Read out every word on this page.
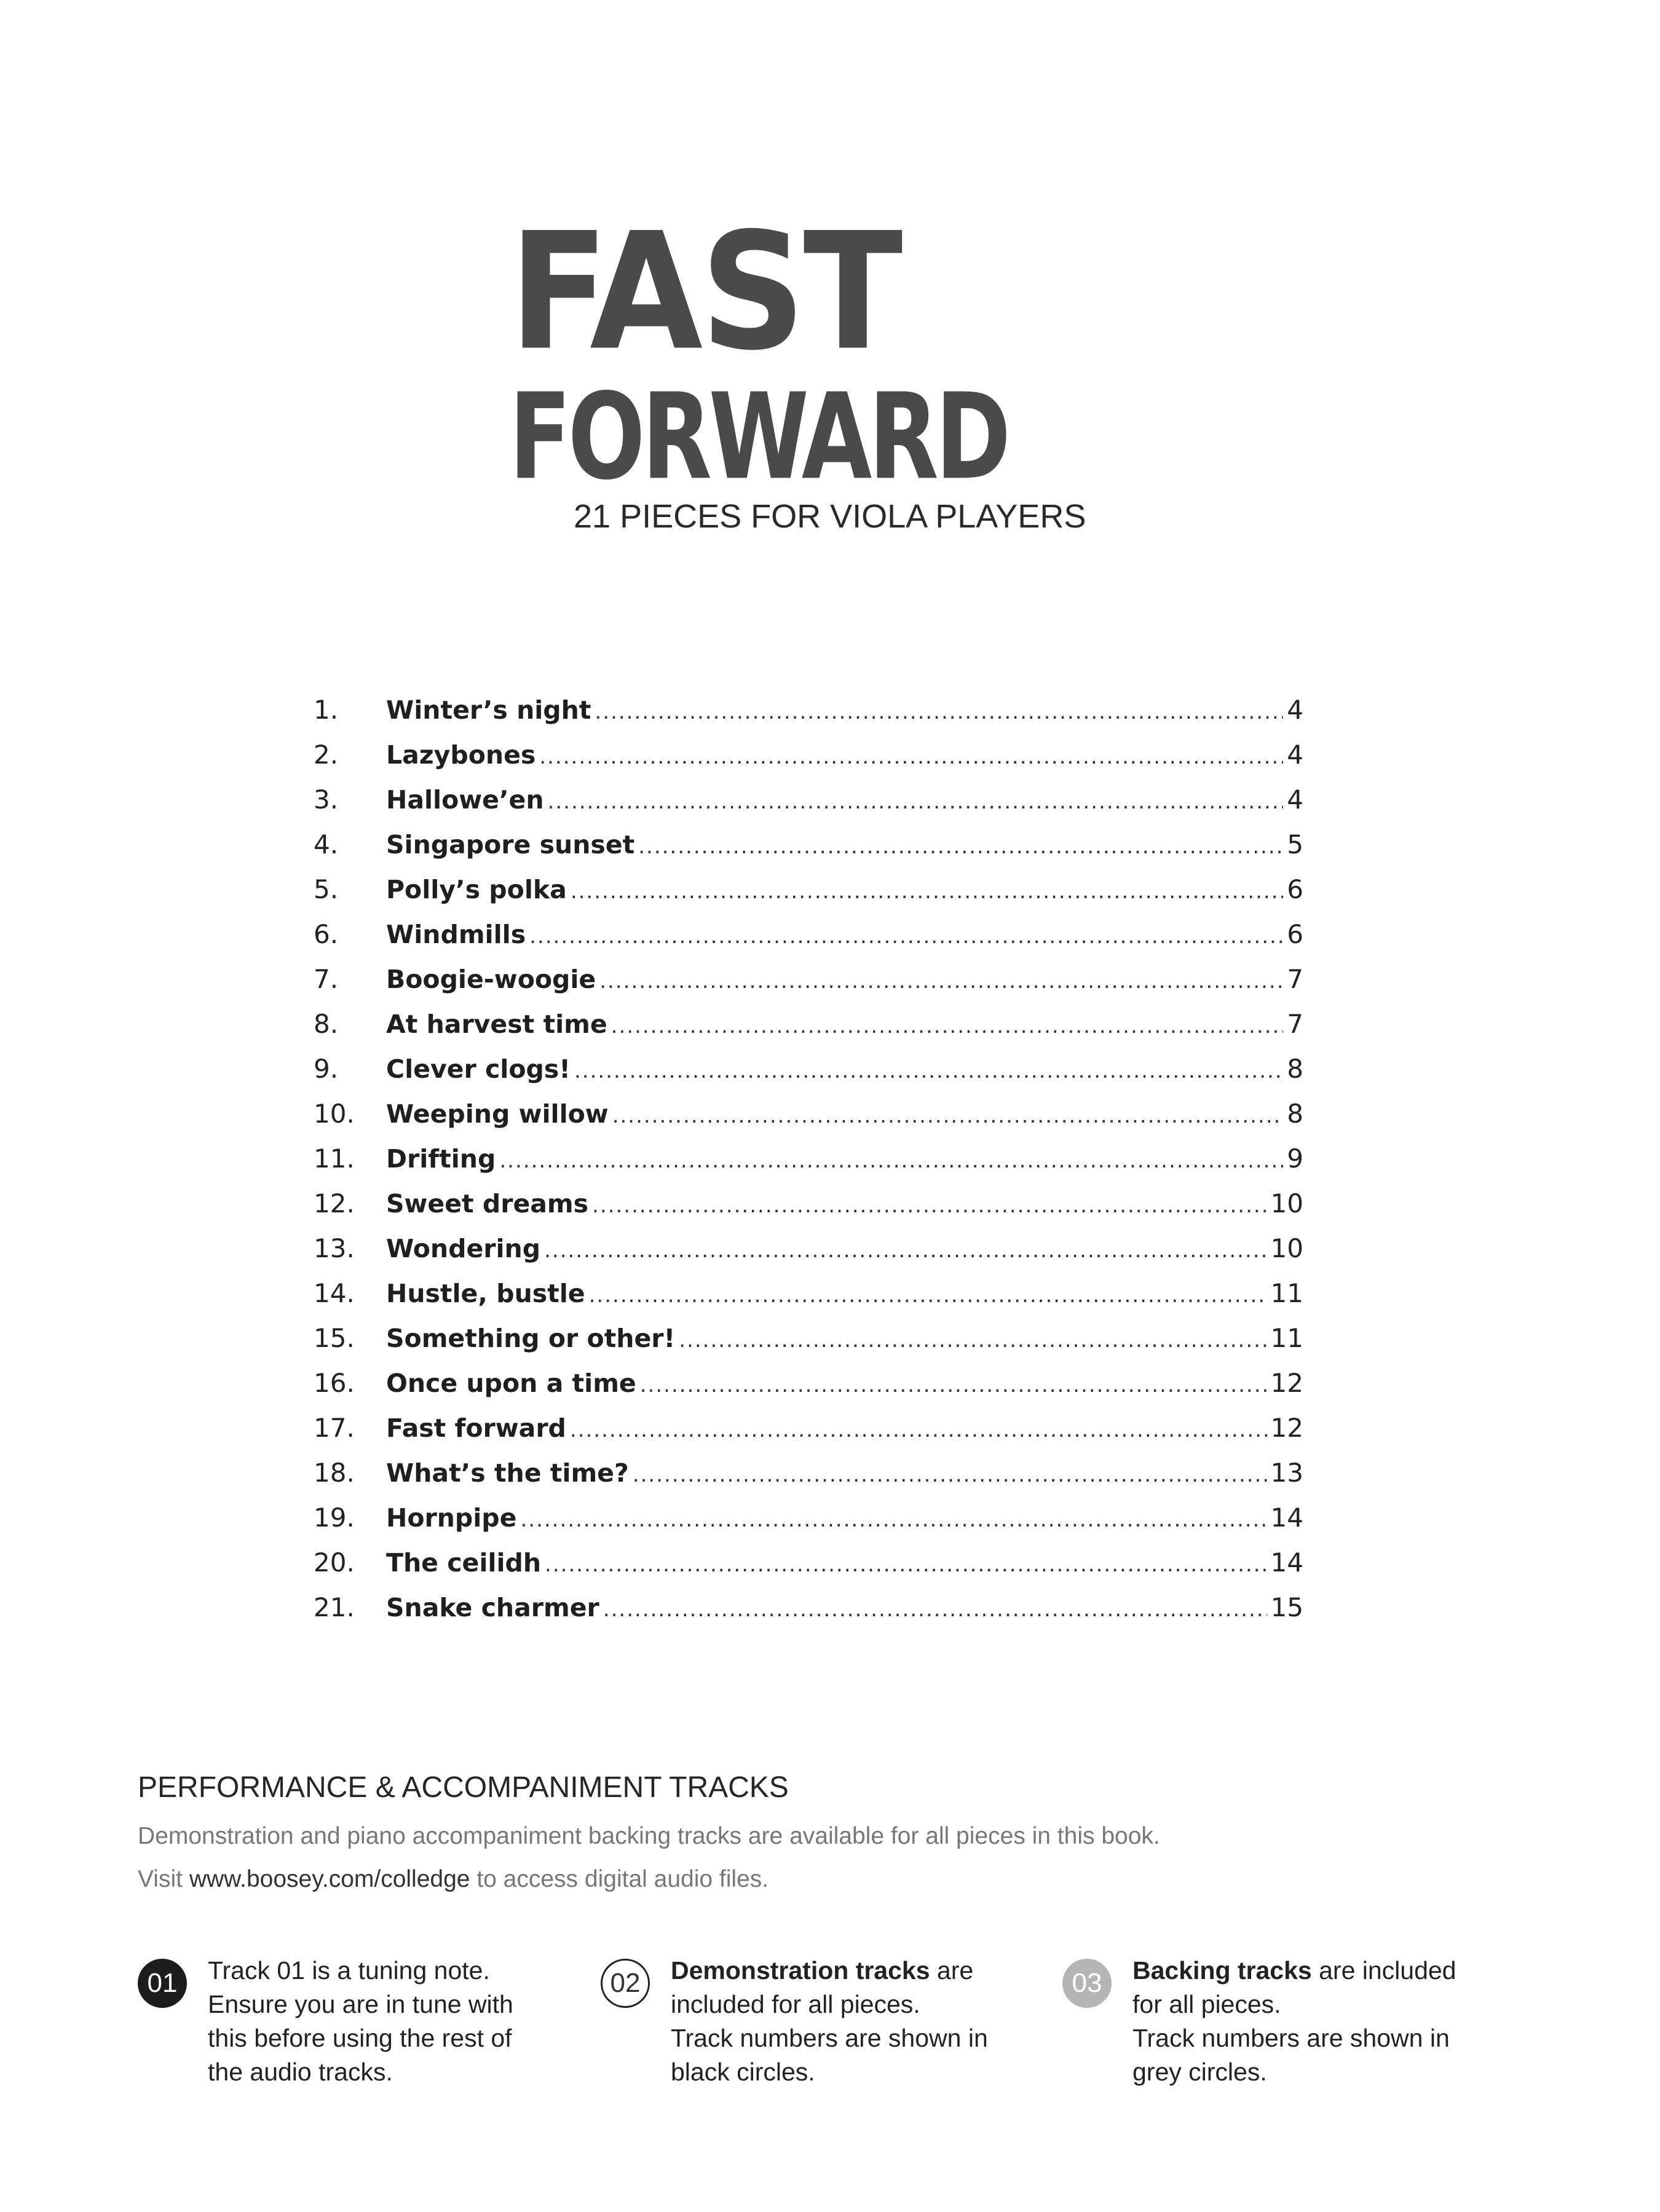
FAST
FORWARD
21 PIECES FOR VIOLA PLAYERS
1.	Winter’s night .....	4
2.	Lazybones .....	4
3.	Hallowe’en .....	4
4.	Singapore sunset .....	5
5.	Polly’s polka .....	6
6.	Windmills .....	6
7.	Boogie-woogie .....	7
8.	At harvest time .....	7
9.	Clever clogs! .....	8
10.	Weeping willow .....	8
11.	Drifting .....	9
12.	Sweet dreams .....	10
13.	Wondering .....	10
14.	Hustle, bustle .....	11
15.	Something or other! .....	11
16.	Once upon a time .....	12
17.	Fast forward .....	12
18.	What’s the time? .....	13
19.	Hornpipe .....	14
20.	The ceilidh .....	14
21.	Snake charmer .....	15
PERFORMANCE & ACCOMPANIMENT TRACKS
Demonstration and piano accompaniment backing tracks are available for all pieces in this book.
Visit www.boosey.com/colledge to access digital audio files.
01	Track 01 is a tuning note.
Ensure you are in tune with
this before using the rest of
the audio tracks.
02	Demonstration tracks are
included for all pieces.
Track numbers are shown in
black circles.
03	Backing tracks are included
for all pieces.
Track numbers are shown in
grey circles.
